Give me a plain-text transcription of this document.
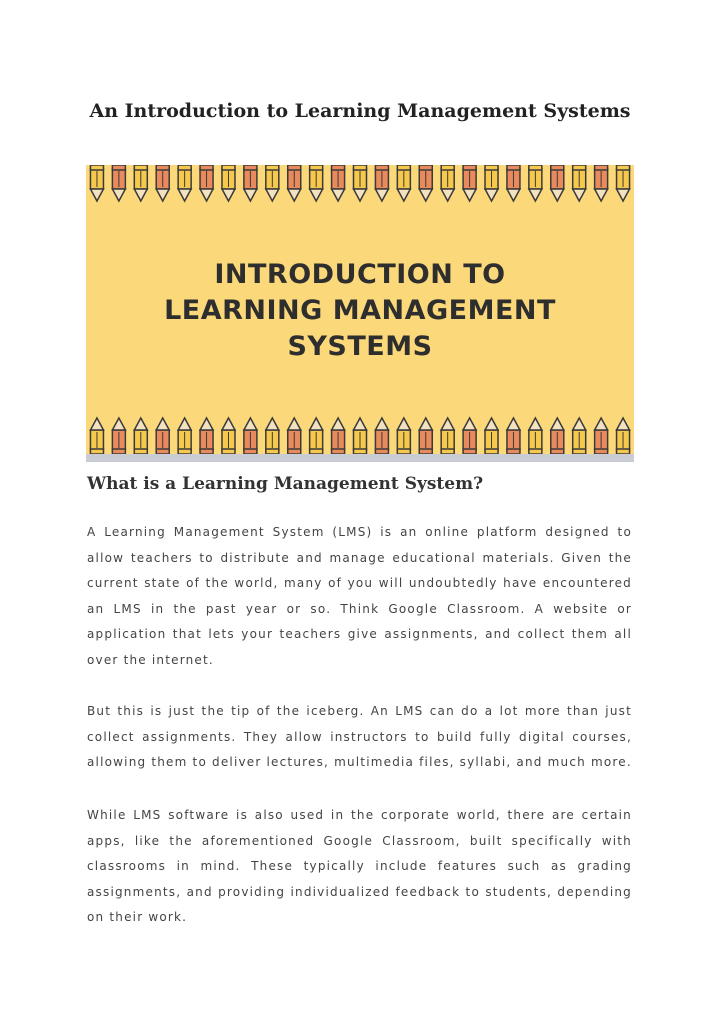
An Introduction to Learning Management Systems
INTRODUCTION TO
LEARNING MANAGEMENT
SYSTEMS
What is a Learning Management System?

A Learning Management System (LMS) is an online platform designed to allow teachers to distribute and manage educational materials. Given the current state of the world, many of you will undoubtedly have encountered an LMS in the past year or so. Think Google Classroom. A website or application that lets your teachers give assignments, and collect them all over the internet.

But this is just the tip of the iceberg. An LMS can do a lot more than just collect assignments. They allow instructors to build fully digital courses, allowing them to deliver lectures, multimedia files, syllabi, and much more.

While LMS software is also used in the corporate world, there are certain apps, like the aforementioned Google Classroom, built specifically with classrooms in mind. These typically include features such as grading assignments, and providing individualized feedback to students, depending on their work.
